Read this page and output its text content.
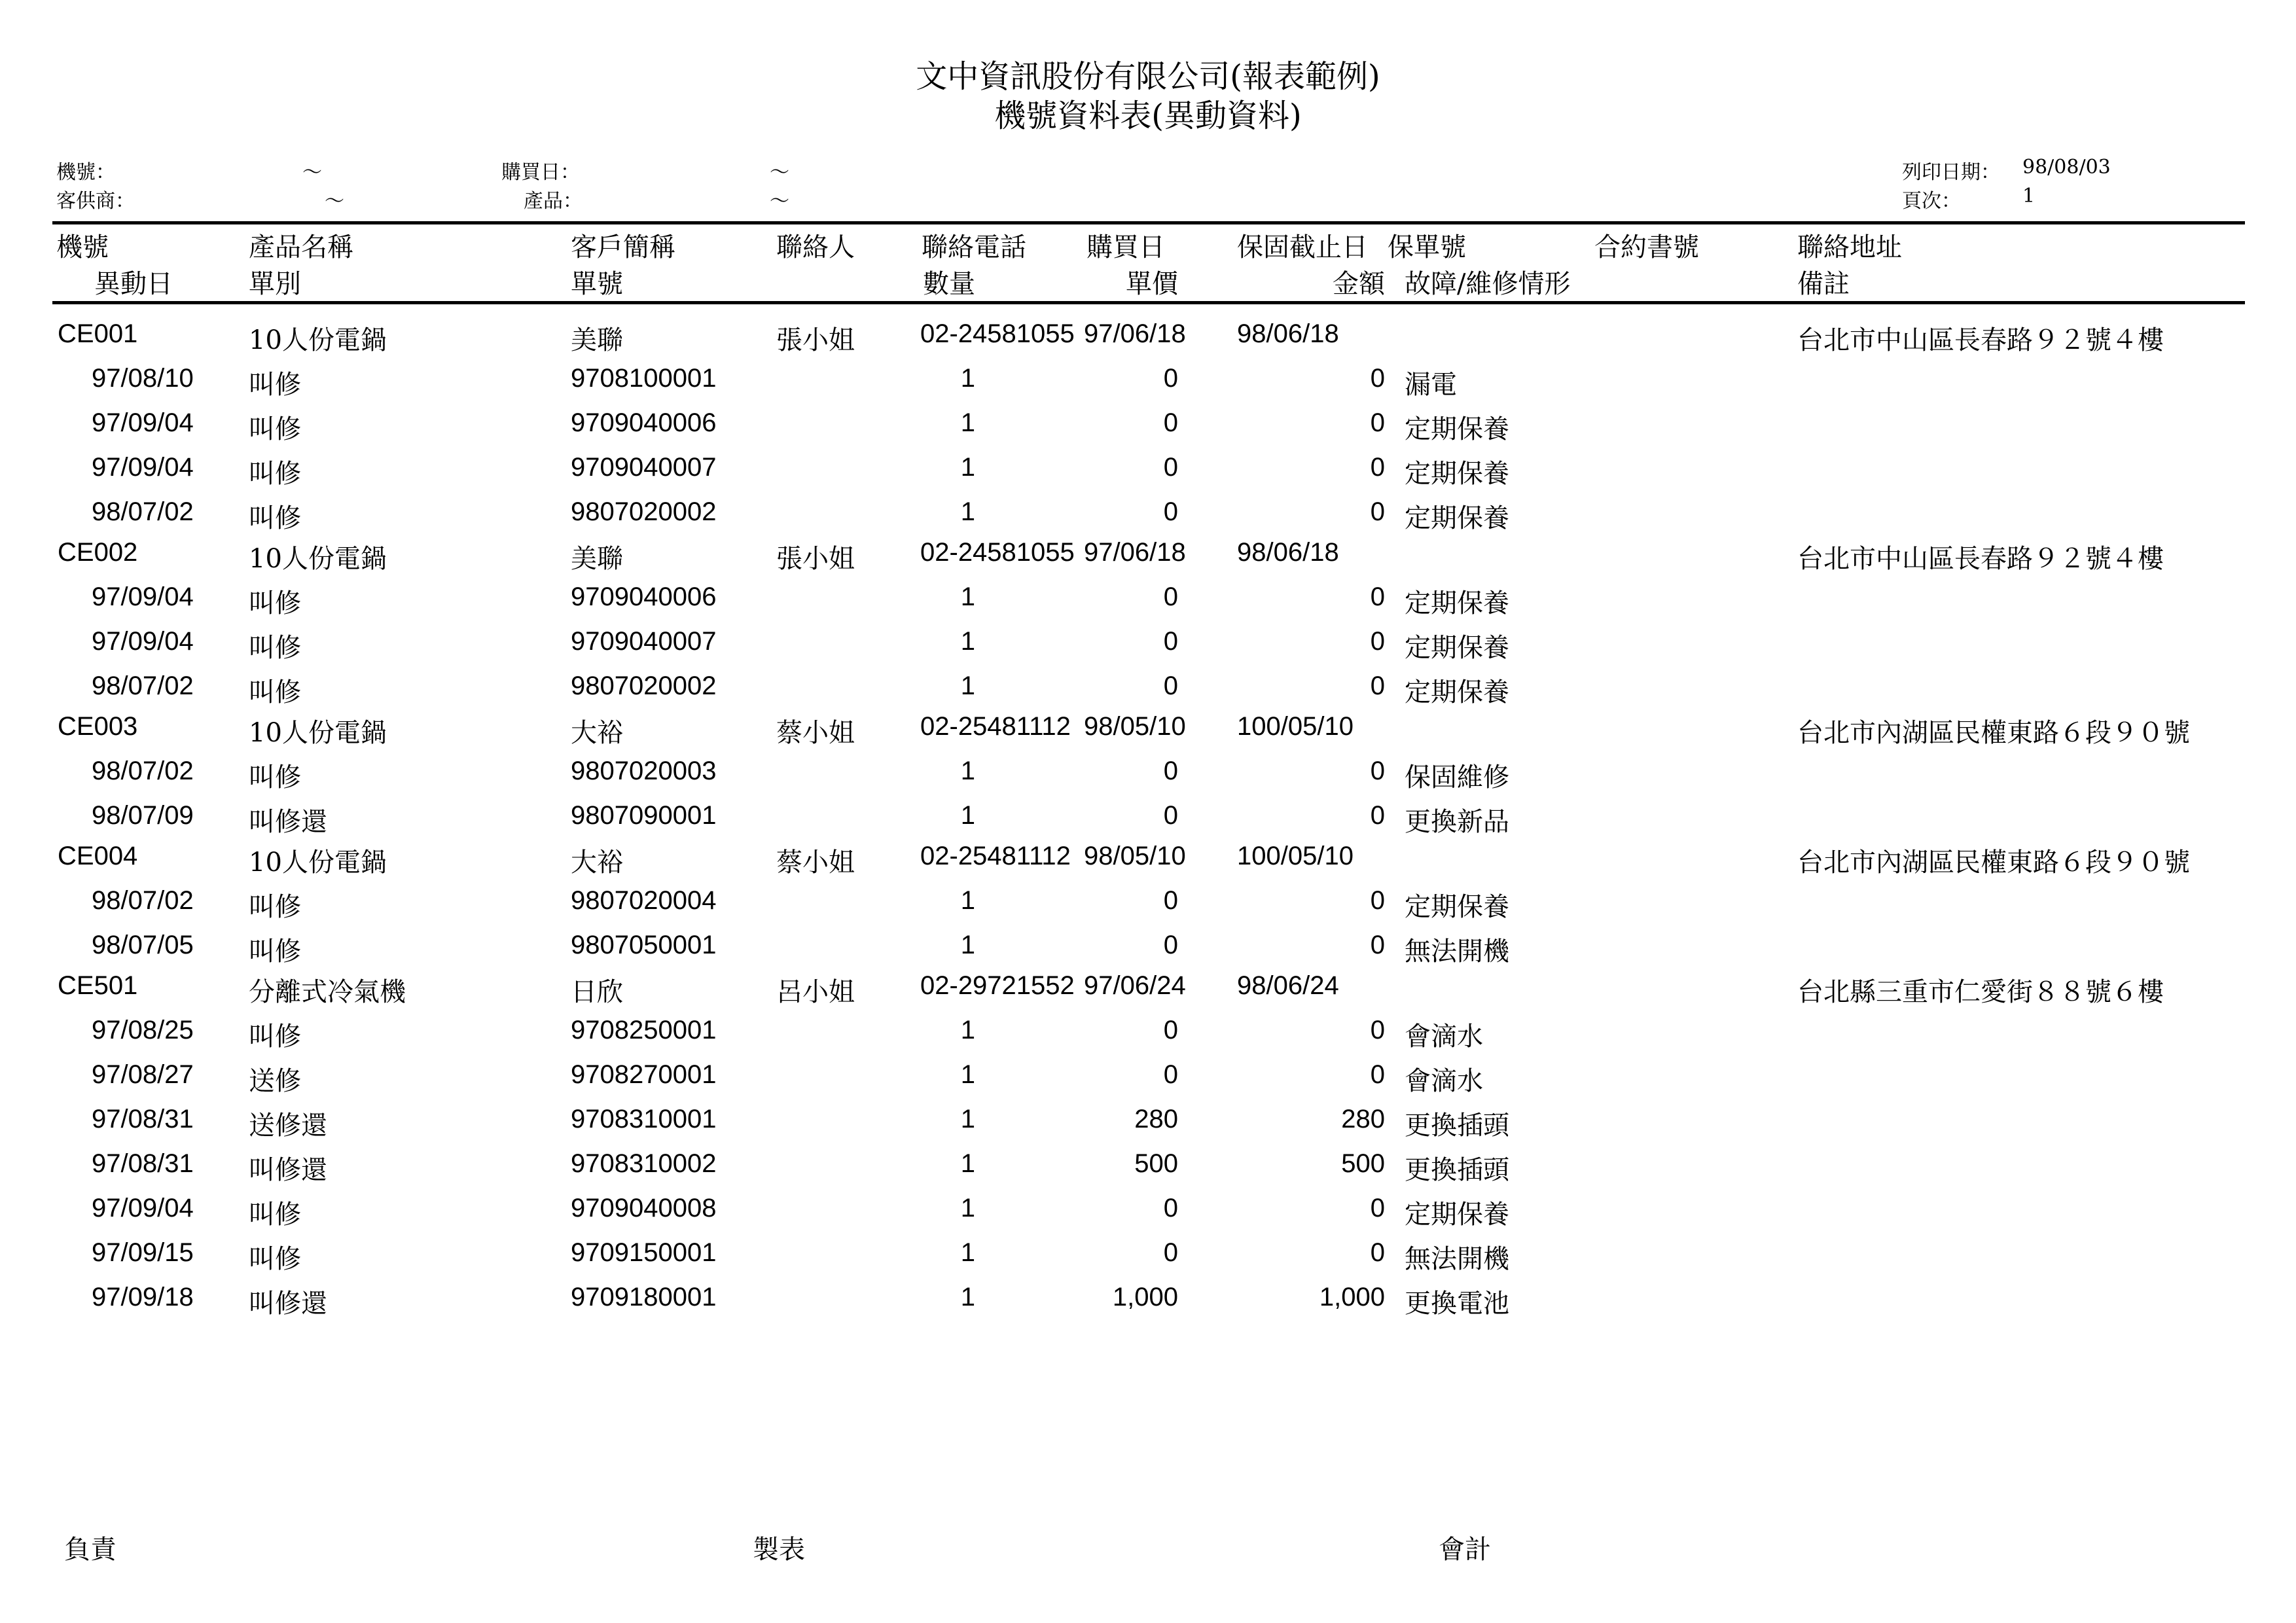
文中資訊股份有限公司(報表範例)
機號資料表(異動資料)
機號：	～	購買日：	～
客供商：	～	產品：	～
列印日期： 98/08/03
頁次：	1
機號	產品名稱	客戶簡稱	聯絡人	聯絡電話 購買日	保固截止日 保單號	合約書號	聯絡地址
異動日	單別	單號	數量	單價	金額 故障/維修情形	備註
CE001	10人份電鍋	美聯	張小姐	02-24581055 97/06/18 98/06/18	台北市中山區長春路９２號４樓
97/08/10 叫修	9708100001	1	0	0 漏電
97/09/04 叫修	9709040006	1	0	0 定期保養
97/09/04 叫修	9709040007	1	0	0 定期保養
98/07/02 叫修	9807020002	1	0	0 定期保養
CE002	10人份電鍋	美聯	張小姐	02-24581055 97/06/18 98/06/18	台北市中山區長春路９２號４樓
97/09/04 叫修	9709040006	1	0	0 定期保養
97/09/04 叫修	9709040007	1	0	0 定期保養
98/07/02 叫修	9807020002	1	0	0 定期保養
CE003	10人份電鍋	大裕	蔡小姐	02-25481112 98/05/10 100/05/10	台北市內湖區民權東路６段９０號
98/07/02 叫修	9807020003	1	0	0 保固維修
98/07/09 叫修還	9807090001	1	0	0 更換新品
CE004	10人份電鍋	大裕	蔡小姐	02-25481112 98/05/10 100/05/10	台北市內湖區民權東路６段９０號
98/07/02 叫修	9807020004	1	0	0 定期保養
98/07/05 叫修	9807050001	1	0	0 無法開機
CE501	分離式冷氣機	日欣	呂小姐	02-29721552 97/06/24 98/06/24	台北縣三重市仁愛街８８號６樓
97/08/25 叫修	9708250001	1	0	0 會滴水
97/08/27 送修	9708270001	1	0	0 會滴水
97/08/31 送修還	9708310001	1	280	280 更換插頭
97/08/31 叫修還	9708310002	1	500	500 更換插頭
97/09/04 叫修	9709040008	1	0	0 定期保養
97/09/15 叫修	9709150001	1	0	0 無法開機
97/09/18 叫修還	9709180001	1	1,000	1,000 更換電池
負責	製表	會計
